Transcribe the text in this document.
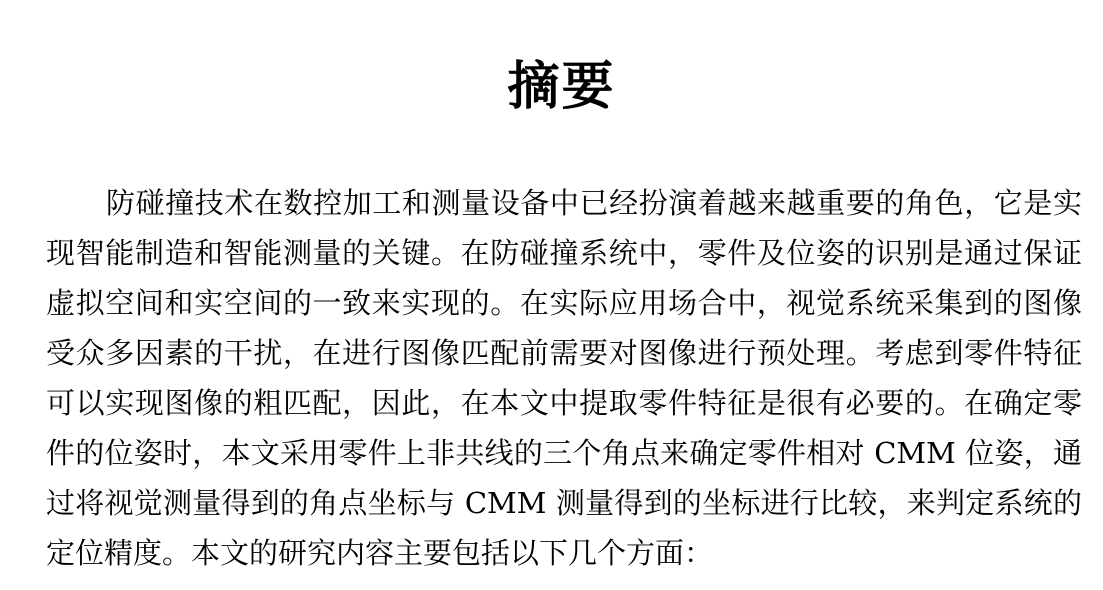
摘要
防碰撞技术在数控加工和测量设备中已经扮演着越来越重要的角色，它是实
现智能制造和智能测量的关键。在防碰撞系统中，零件及位姿的识别是通过保证
虚拟空间和实空间的一致来实现的。在实际应用场合中，视觉系统采集到的图像
受众多因素的干扰，在进行图像匹配前需要对图像进行预处理。考虑到零件特征
可以实现图像的粗匹配，因此，在本文中提取零件特征是很有必要的。在确定零
件的位姿时，本文采用零件上非共线的三个角点来确定零件相对 CMM 位姿，通
过将视觉测量得到的角点坐标与 CMM 测量得到的坐标进行比较，来判定系统的
定位精度。本文的研究内容主要包括以下几个方面：
